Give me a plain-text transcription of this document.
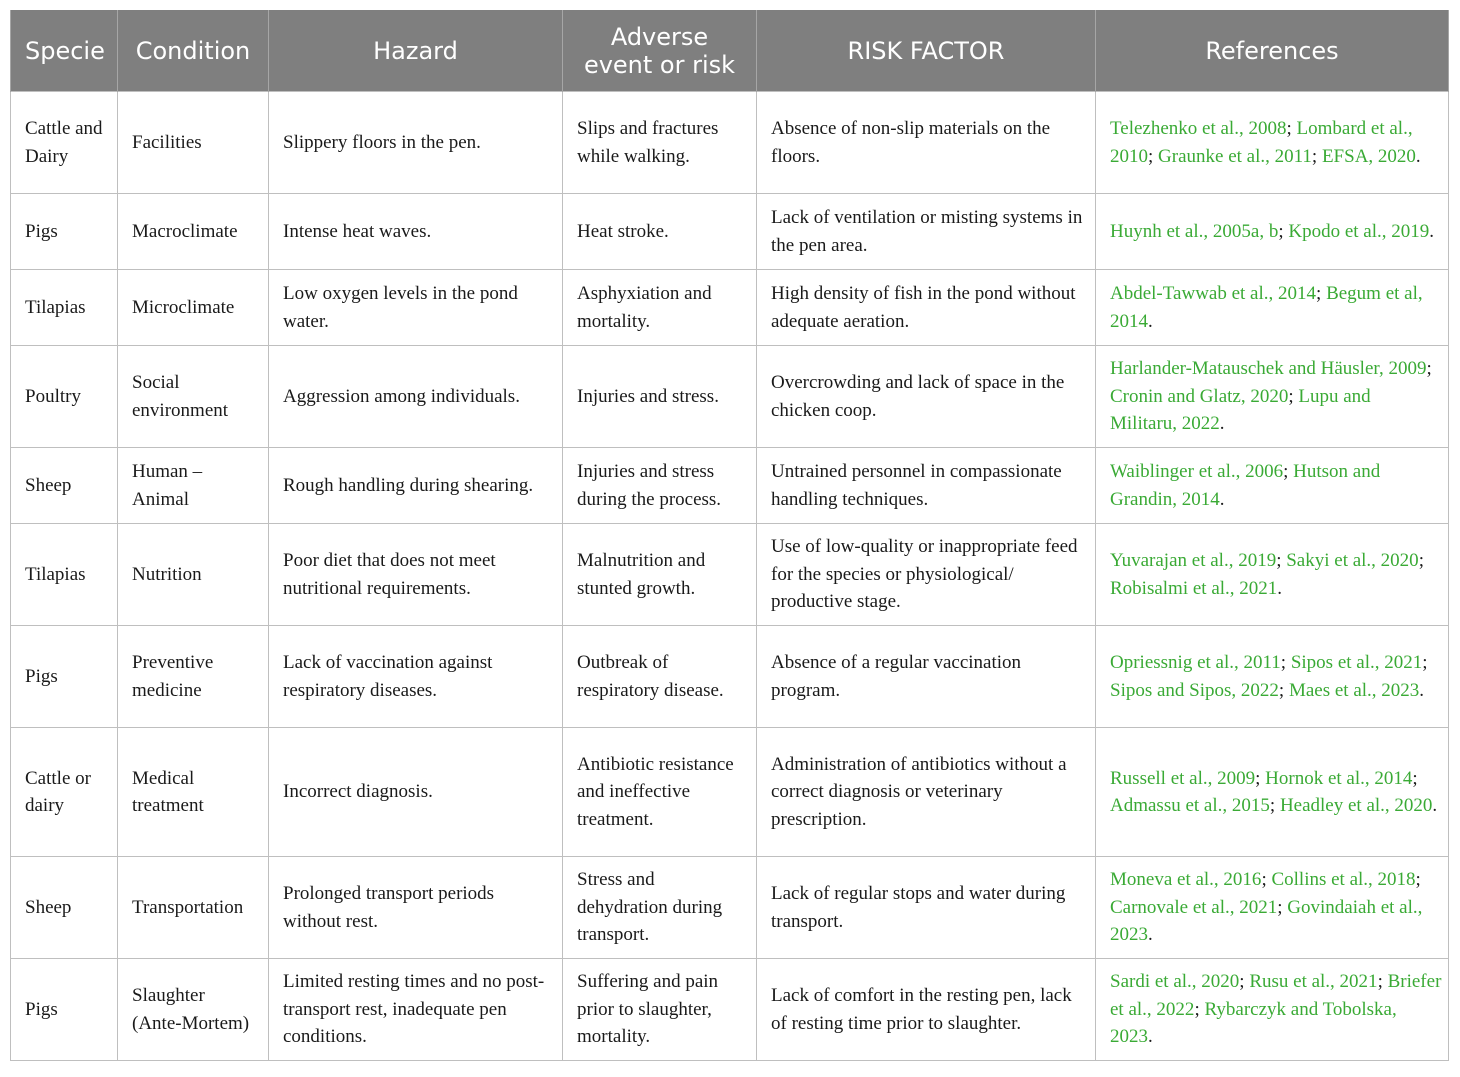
Specie	Condition	Hazard	Adverse event or risk	RISK FACTOR	References
Cattle and Dairy	Facilities	Slippery floors in the pen.	Slips and fractures while walking.	Absence of non-slip materials on the floors.	Telezhenko et al., 2008; Lombard et al., 2010; Graunke et al., 2011; EFSA, 2020.
Pigs	Macroclimate	Intense heat waves.	Heat stroke.	Lack of ventilation or misting systems in the pen area.	Huynh et al., 2005a, b; Kpodo et al., 2019.
Tilapias	Microclimate	Low oxygen levels in the pond water.	Asphyxiation and mortality.	High density of fish in the pond without adequate aeration.	Abdel-Tawwab et al., 2014; Begum et al, 2014.
Poultry	Social environment	Aggression among individuals.	Injuries and stress.	Overcrowding and lack of space in the chicken coop.	Harlander-Matauschek and Häusler, 2009; Cronin and Glatz, 2020; Lupu and Militaru, 2022.
Sheep	Human – Animal	Rough handling during shearing.	Injuries and stress during the process.	Untrained personnel in compassionate handling techniques.	Waiblinger et al., 2006; Hutson and Grandin, 2014.
Tilapias	Nutrition	Poor diet that does not meet nutritional requirements.	Malnutrition and stunted growth.	Use of low-quality or inappropriate feed for the species or physiological/ productive stage.	Yuvarajan et al., 2019; Sakyi et al., 2020; Robisalmi et al., 2021.
Pigs	Preventive medicine	Lack of vaccination against respiratory diseases.	Outbreak of respiratory disease.	Absence of a regular vaccination program.	Opriessnig et al., 2011; Sipos et al., 2021; Sipos and Sipos, 2022; Maes et al., 2023.
Cattle or dairy	Medical treatment	Incorrect diagnosis.	Antibiotic resistance and ineffective treatment.	Administration of antibiotics without a correct diagnosis or veterinary prescription.	Russell et al., 2009; Hornok et al., 2014; Admassu et al., 2015; Headley et al., 2020.
Sheep	Transportation	Prolonged transport periods without rest.	Stress and dehydration during transport.	Lack of regular stops and water during transport.	Moneva et al., 2016; Collins et al., 2018; Carnovale et al., 2021; Govindaiah et al., 2023.
Pigs	Slaughter (Ante-Mortem)	Limited resting times and no post-transport rest, inadequate pen conditions.	Suffering and pain prior to slaughter, mortality.	Lack of comfort in the resting pen, lack of resting time prior to slaughter.	Sardi et al., 2020; Rusu et al., 2021; Briefer et al., 2022; Rybarczyk and Tobolska, 2023.
